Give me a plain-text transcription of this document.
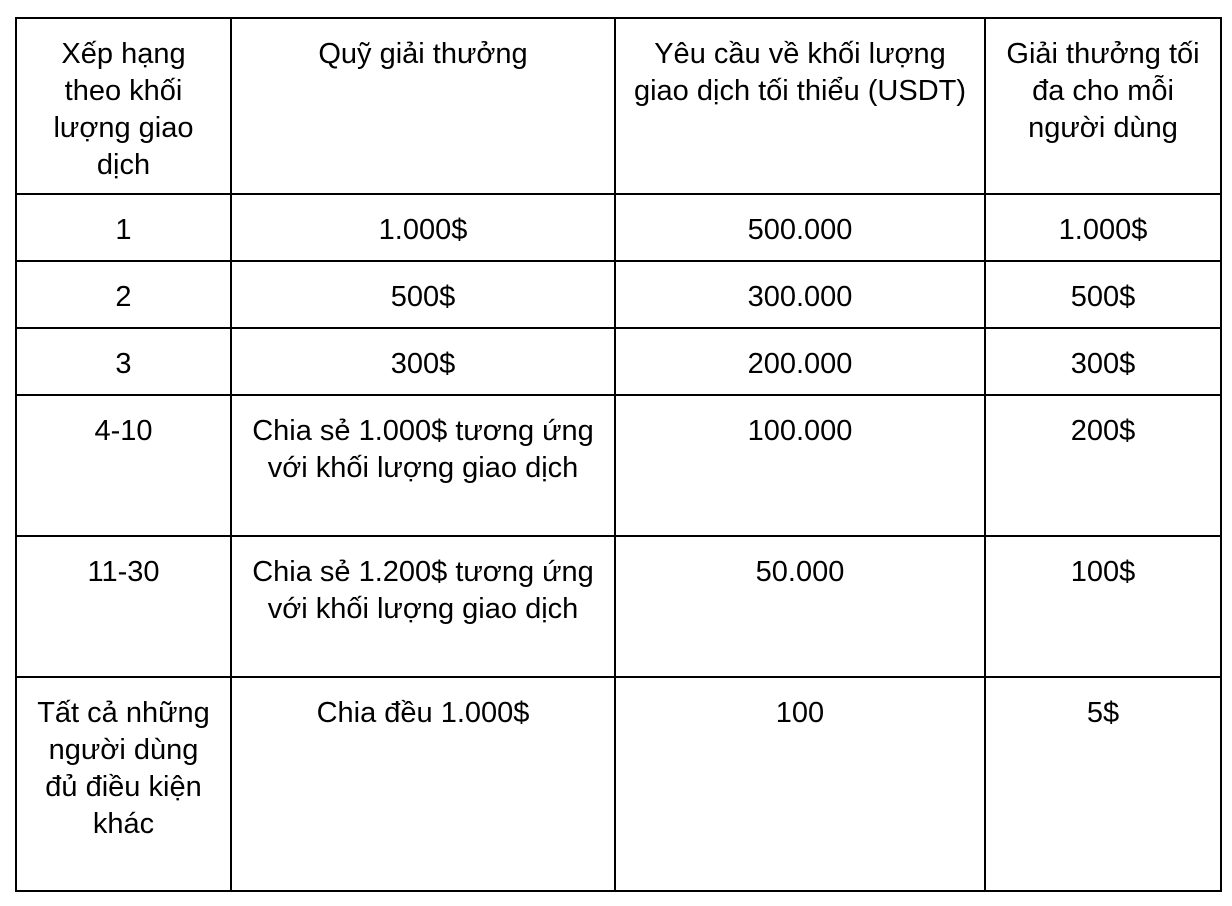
Xếp hạng theo khối lượng giao dịch	Quỹ giải thưởng	Yêu cầu về khối lượng giao dịch tối thiểu (USDT)	Giải thưởng tối đa cho mỗi người dùng

1	1.000$	500.000	1.000$

2	500$	300.000	500$

3	300$	200.000	300$

4-10	Chia sẻ 1.000$ tương ứng với khối lượng giao dịch	100.000	200$

11-30	Chia sẻ 1.200$ tương ứng với khối lượng giao dịch	50.000	100$

Tất cả những người dùng đủ điều kiện khác	Chia đều 1.000$	100	5$
